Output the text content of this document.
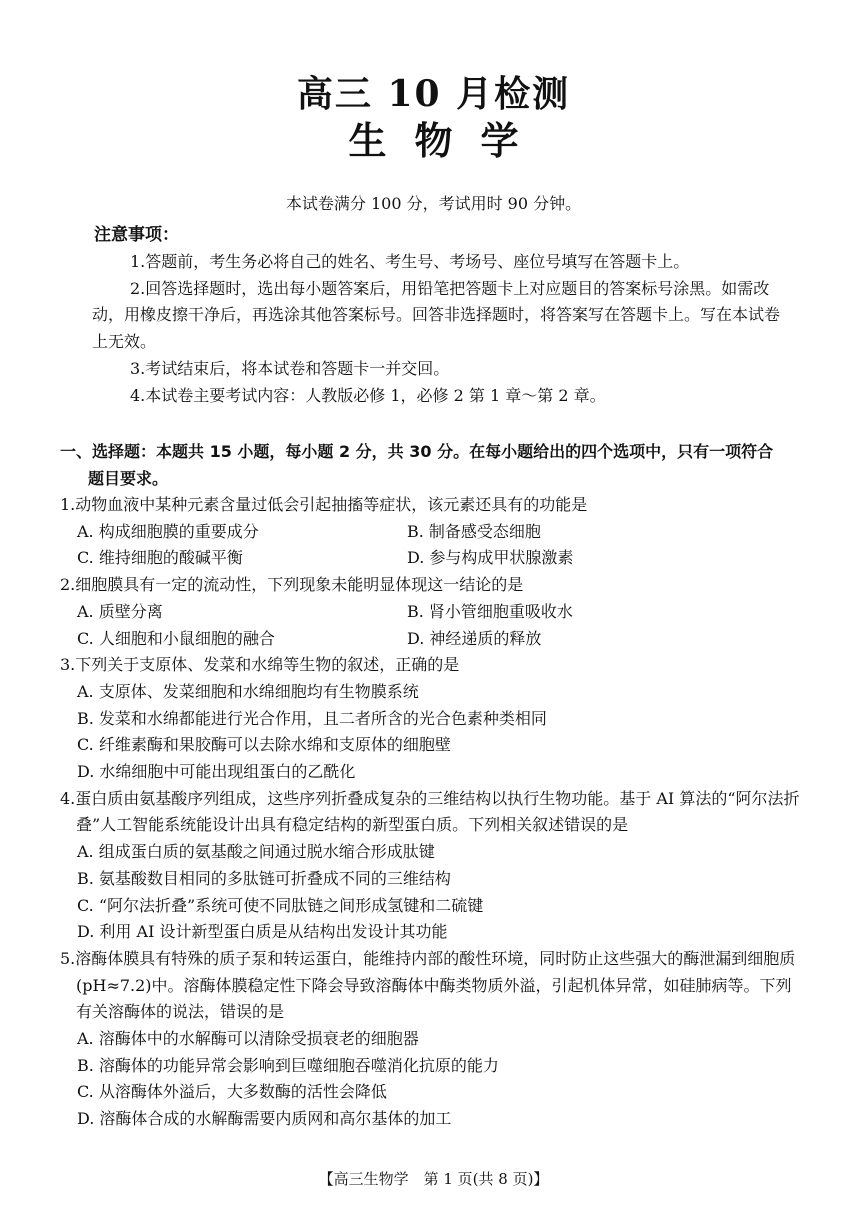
高三 10 月检测
生物学
本试卷满分 100 分，考试用时 90 分钟。
注意事项：

1.答题前，考生务必将自己的姓名、考生号、考场号、座位号填写在答题卡上。

2.回答选择题时，选出每小题答案后，用铅笔把答题卡上对应题目的答案标号涂黑。如需改动，用橡皮擦干净后，再选涂其他答案标号。回答非选择题时，将答案写在答题卡上。写在本试卷上无效。

3.考试结束后，将本试卷和答题卡一并交回。

4.本试卷主要考试内容：人教版必修 1，必修 2 第 1 章～第 2 章。

一、选择题：本题共 15 小题，每小题 2 分，共 30 分。在每小题给出的四个选项中，只有一项符合
题目要求。

1.动物血液中某种元素含量过低会引起抽搐等症状，该元素还具有的功能是

A. 构成细胞膜的重要成分	B. 制备感受态细胞
C. 维持细胞的酸碱平衡	D. 参与构成甲状腺激素

2.细胞膜具有一定的流动性，下列现象未能明显体现这一结论的是

A. 质壁分离	B. 肾小管细胞重吸收水
C. 人细胞和小鼠细胞的融合	D. 神经递质的释放

3.下列关于支原体、发菜和水绵等生物的叙述，正确的是

A. 支原体、发菜细胞和水绵细胞均有生物膜系统
B. 发菜和水绵都能进行光合作用，且二者所含的光合色素种类相同
C. 纤维素酶和果胶酶可以去除水绵和支原体的细胞壁
D. 水绵细胞中可能出现组蛋白的乙酰化

4.蛋白质由氨基酸序列组成，这些序列折叠成复杂的三维结构以执行生物功能。基于 AI 算法的“阿尔法折叠”人工智能系统能设计出具有稳定结构的新型蛋白质。下列相关叙述错误的是

A. 组成蛋白质的氨基酸之间通过脱水缩合形成肽键
B. 氨基酸数目相同的多肽链可折叠成不同的三维结构
C. “阿尔法折叠”系统可使不同肽链之间形成氢键和二硫键
D. 利用 AI 设计新型蛋白质是从结构出发设计其功能

5.溶酶体膜具有特殊的质子泵和转运蛋白，能维持内部的酸性环境，同时防止这些强大的酶泄漏到细胞质(pH≈7.2)中。溶酶体膜稳定性下降会导致溶酶体中酶类物质外溢，引起机体异常，如硅肺病等。下列有关溶酶体的说法，错误的是

A. 溶酶体中的水解酶可以清除受损衰老的细胞器
B. 溶酶体的功能异常会影响到巨噬细胞吞噬消化抗原的能力
C. 从溶酶体外溢后，大多数酶的活性会降低
D. 溶酶体合成的水解酶需要内质网和高尔基体的加工
【高三生物学　第 1 页(共 8 页)】
